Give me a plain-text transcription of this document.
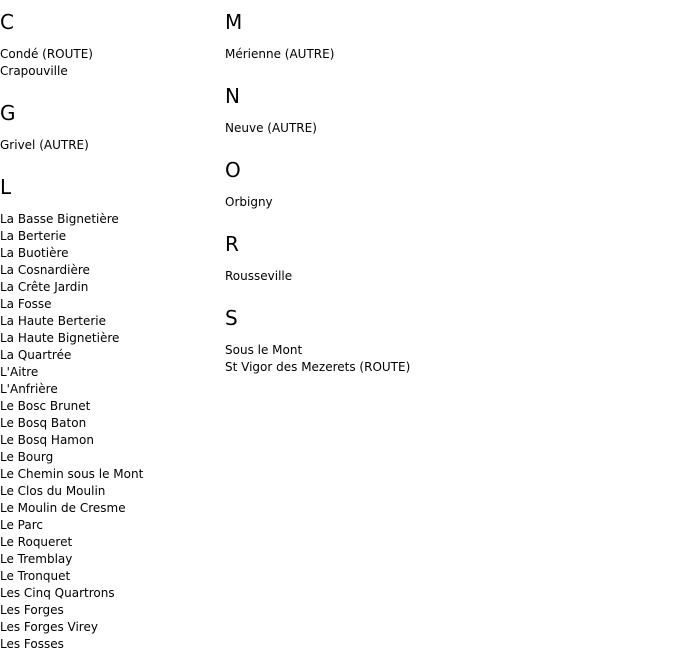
C
Condé (ROUTE)
Crapouville
G
Grivel (AUTRE)
L
La Basse Bignetière
La Berterie
La Buotière
La Cosnardière
La Crête Jardin
La Fosse
La Haute Berterie
La Haute Bignetière
La Quartrée
L'Aitre
L'Anfrière
Le Bosc Brunet
Le Bosq Baton
Le Bosq Hamon
Le Bourg
Le Chemin sous le Mont
Le Clos du Moulin
Le Moulin de Cresme
Le Parc
Le Roqueret
Le Tremblay
Le Tronquet
Les Cinq Quartrons
Les Forges
Les Forges Virey
Les Fosses
M
Mérienne (AUTRE)
N
Neuve (AUTRE)
O
Orbigny
R
Rousseville
S
Sous le Mont
St Vigor des Mezerets (ROUTE)
